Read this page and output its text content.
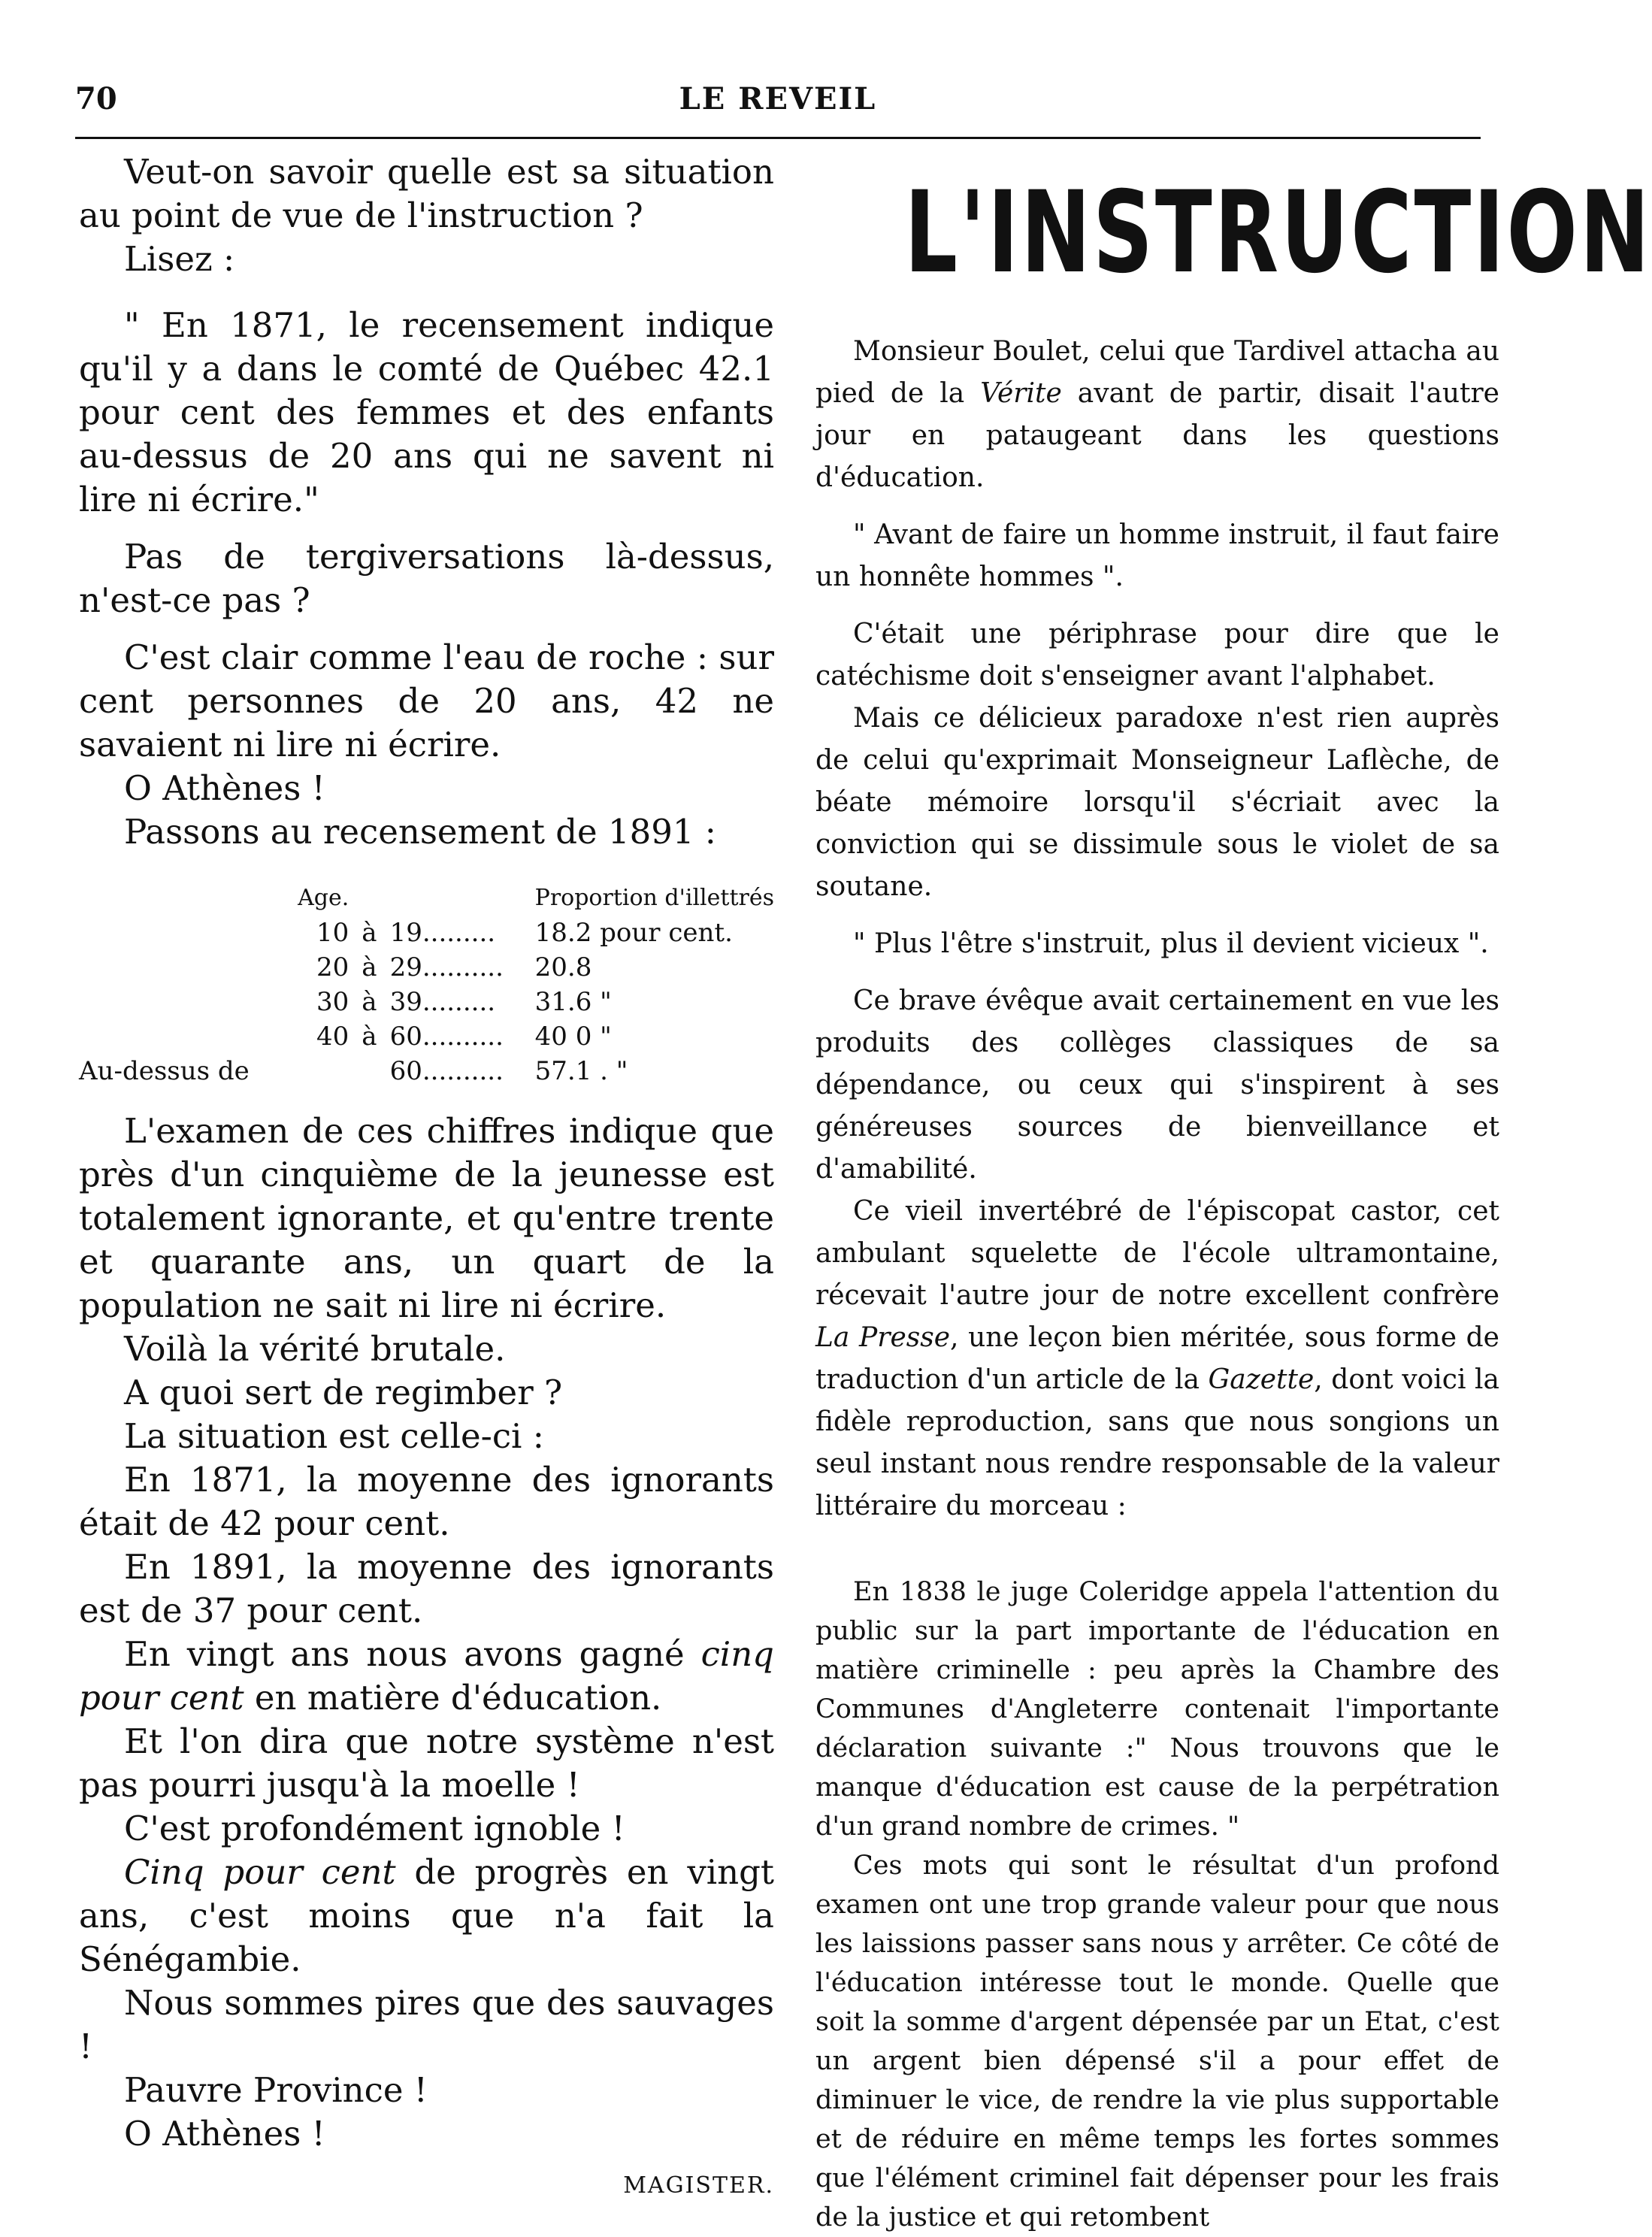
70	LE REVEIL

Veut-on savoir quelle est sa situation au point de vue de l'instruction ?

Lisez :

" En 1871, le recensement indique qu'il y a dans le comté de Québec 42.1 pour cent des femmes et des enfants au-dessus de 20 ans qui ne savent ni lire ni écrire."

Pas de tergiversations là-dessus, n'est-ce pas ?

C'est clair comme l'eau de roche : sur cent personnes de 20 ans, 42 ne savaient ni lire ni écrire.

O Athènes !

Passons au recensement de 1891 :

	Age.			Proportion d'illettrés
	10	à	19.........	18.2 pour cent.
	20	à	29..........	20.8
	30	à	39.........	31.6 "
	40	à	60..........	40 0 "
Au-dessus de			60..........	57.1 . "

L'examen de ces chiffres indique que près d'un cinquième de la jeunesse est totalement ignorante, et qu'entre trente et quarante ans, un quart de la population ne sait ni lire ni écrire.

Voilà la vérité brutale.

A quoi sert de regimber ?

La situation est celle-ci :

En 1871, la moyenne des ignorants était de 42 pour cent.

En 1891, la moyenne des ignorants est de 37 pour cent.

En vingt ans nous avons gagné cinq pour cent en matière d'éducation.

Et l'on dira que notre système n'est pas pourri jusqu'à la moelle !

C'est profondément ignoble !

Cinq pour cent de progrès en vingt ans, c'est moins que n'a fait la Sénégambie.

Nous sommes pires que des sauvages !

Pauvre Province !

O Athènes !

MAGISTER.
L'INSTRUCTION

Monsieur Boulet, celui que Tardivel attacha au pied de la Vérite avant de partir, disait l'autre jour en pataugeant dans les questions d'éducation.

" Avant de faire un homme instruit, il faut faire un honnête hommes ".

C'était une périphrase pour dire que le catéchisme doit s'enseigner avant l'alphabet.

Mais ce délicieux paradoxe n'est rien auprès de celui qu'exprimait Monseigneur Laflèche, de béate mémoire lorsqu'il s'écriait avec la conviction qui se dissimule sous le violet de sa soutane.

" Plus l'être s'instruit, plus il devient vicieux ".

Ce brave évêque avait certainement en vue les produits des collèges classiques de sa dépendance, ou ceux qui s'inspirent à ses généreuses sources de bienveillance et d'amabilité.

Ce vieil invertébré de l'épiscopat castor, cet ambulant squelette de l'école ultramontaine, récevait l'autre jour de notre excellent confrère La Presse, une leçon bien méritée, sous forme de traduction d'un article de la Gazette, dont voici la fidèle reproduction, sans que nous songions un seul instant nous rendre responsable de la valeur littéraire du morceau :

En 1838 le juge Coleridge appela l'attention du public sur la part importante de l'éducation en matière criminelle : peu après la Chambre des Communes d'Angleterre contenait l'importante déclaration suivante :" Nous trouvons que le manque d'éducation est cause de la perpétration d'un grand nombre de crimes. "

Ces mots qui sont le résultat d'un profond examen ont une trop grande valeur pour que nous les laissions passer sans nous y arrêter. Ce côté de l'éducation intéresse tout le monde. Quelle que soit la somme d'argent dépensée par un Etat, c'est un argent bien dépensé s'il a pour effet de diminuer le vice, de rendre la vie plus supportable et de réduire en même temps les fortes sommes que l'élément criminel fait dépenser pour les frais de la justice et qui retombent
